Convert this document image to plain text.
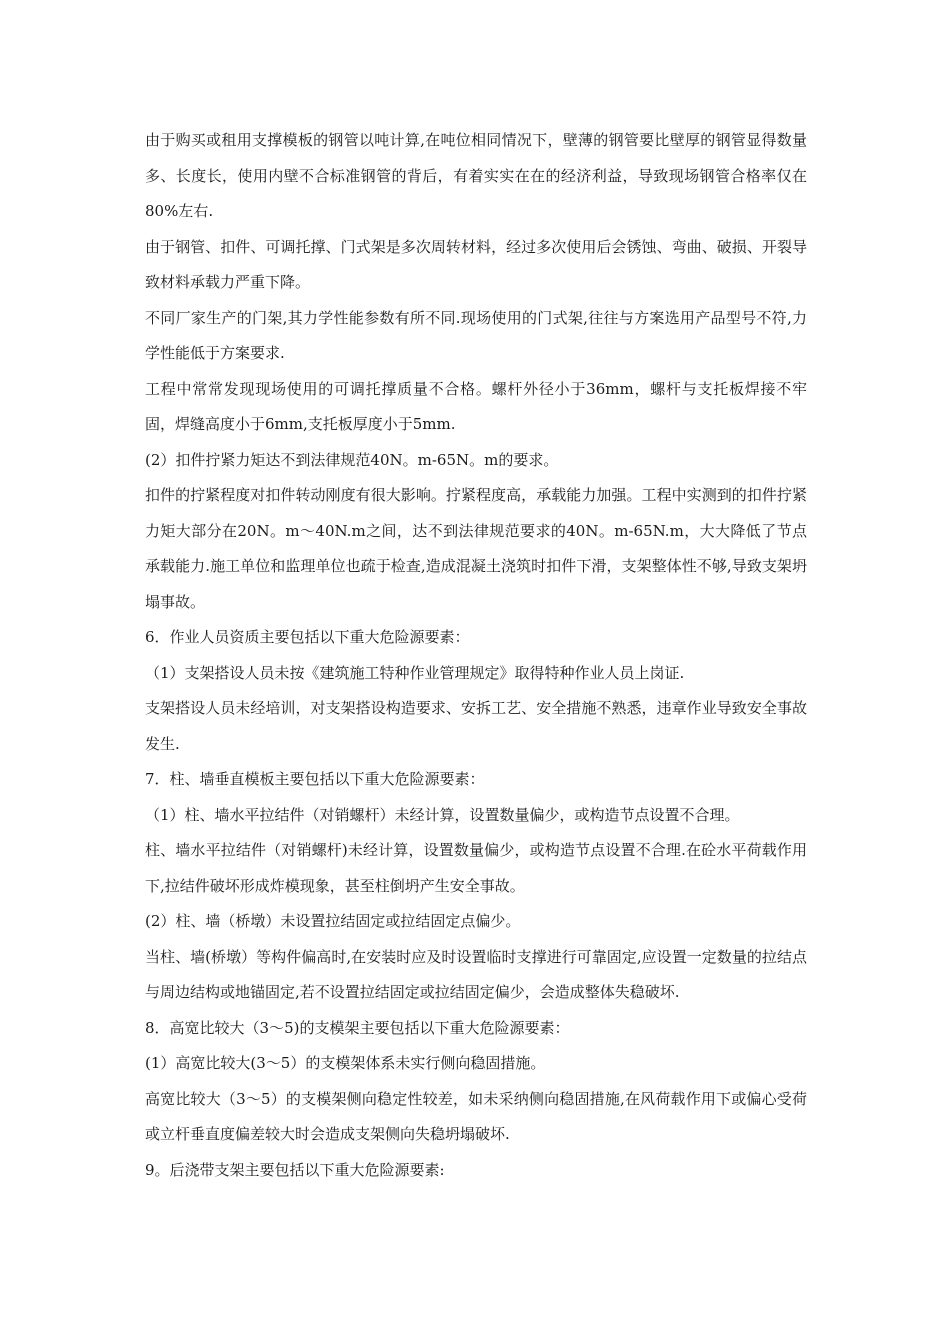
由于购买或租用支撑模板的钢管以吨计算,在吨位相同情况下，壁薄的钢管要比壁厚的钢管显得数量多、长度长，使用内壁不合标准钢管的背后，有着实实在在的经济利益，导致现场钢管合格率仅在80%左右.

由于钢管、扣件、可调托撑、门式架是多次周转材料，经过多次使用后会锈蚀、弯曲、破损、开裂导致材料承载力严重下降。

不同厂家生产的门架,其力学性能参数有所不同.现场使用的门式架,往往与方案选用产品型号不符,力学性能低于方案要求.

工程中常常发现现场使用的可调托撑质量不合格。螺杆外径小于36mm，螺杆与支托板焊接不牢固，焊缝高度小于6mm,支托板厚度小于5mm.

(2）扣件拧紧力矩达不到法律规范40N。m-65N。m的要求。

扣件的拧紧程度对扣件转动刚度有很大影响。拧紧程度高，承载能力加强。工程中实测到的扣件拧紧力矩大部分在20N。m～40N.m之间，达不到法律规范要求的40N。m-65N.m，大大降低了节点承载能力.施工单位和监理单位也疏于检查,造成混凝土浇筑时扣件下滑，支架整体性不够,导致支架坍塌事故。

6．作业人员资质主要包括以下重大危险源要素：

（1）支架搭设人员未按《建筑施工特种作业管理规定》取得特种作业人员上岗证.

支架搭设人员未经培训，对支架搭设构造要求、安拆工艺、安全措施不熟悉，违章作业导致安全事故发生.

7．柱、墙垂直模板主要包括以下重大危险源要素：

（1）柱、墙水平拉结件（对销螺杆）未经计算，设置数量偏少，或构造节点设置不合理。

柱、墙水平拉结件（对销螺杆)未经计算，设置数量偏少，或构造节点设置不合理.在砼水平荷载作用下,拉结件破坏形成炸模现象，甚至柱倒坍产生安全事故。

(2）柱、墙（桥墩）未设置拉结固定或拉结固定点偏少。

当柱、墙(桥墩）等构件偏高时,在安装时应及时设置临时支撑进行可靠固定,应设置一定数量的拉结点与周边结构或地锚固定,若不设置拉结固定或拉结固定偏少，会造成整体失稳破坏.

8．高宽比较大（3～5)的支模架主要包括以下重大危险源要素：

(1）高宽比较大(3～5）的支模架体系未实行侧向稳固措施。

高宽比较大（3～5）的支模架侧向稳定性较差，如未采纳侧向稳固措施,在风荷载作用下或偏心受荷或立杆垂直度偏差较大时会造成支架侧向失稳坍塌破坏.

9。后浇带支架主要包括以下重大危险源要素:
